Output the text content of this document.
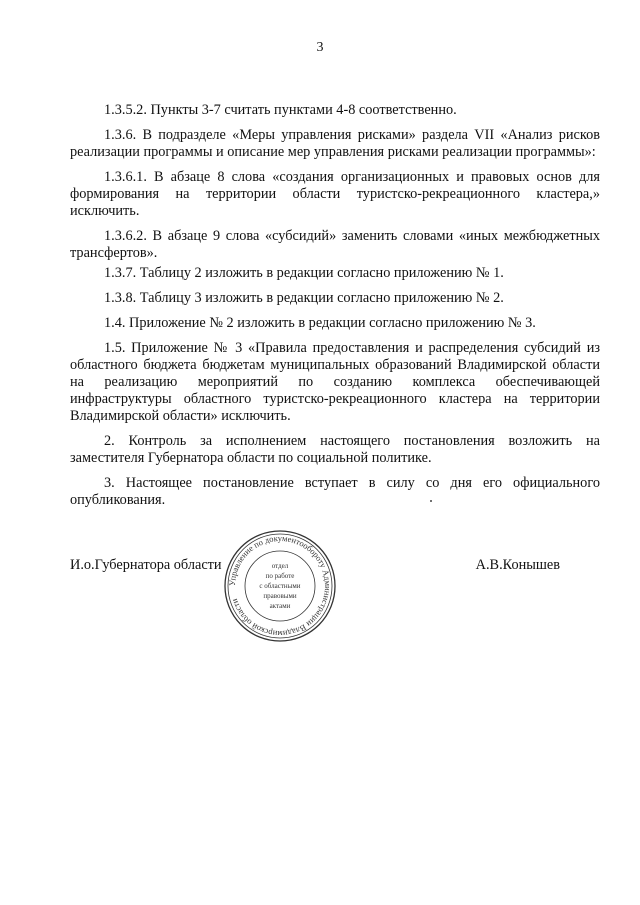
3

1.3.5.2. Пункты 3-7 считать пунктами 4-8 соответственно.

1.3.6. В подразделе «Меры управления рисками» раздела VII «Анализ рисков реализации программы и описание мер управления рисками реализации программы»:

1.3.6.1. В абзаце 8 слова «создания организационных и правовых основ для формирования на территории области туристско-рекреационного кластера,» исключить.

1.3.6.2. В абзаце 9 слова «субсидий» заменить словами «иных межбюджетных трансфертов».

1.3.7. Таблицу 2 изложить в редакции согласно приложению № 1.

1.3.8. Таблицу 3 изложить в редакции согласно приложению № 2.

1.4. Приложение № 2 изложить в редакции согласно приложению № 3.

1.5. Приложение № 3 «Правила предоставления и распределения субсидий из областного бюджета бюджетам муниципальных образований Владимирской области на реализацию мероприятий по созданию комплекса обеспечивающей инфраструктуры областного туристско-рекреационного кластера на территории Владимирской области» исключить.

2. Контроль за исполнением настоящего постановления возложить на заместителя Губернатора области по социальной политике.

3. Настоящее постановление вступает в силу со дня его официального опубликования.

И.о.Губернатора области	А.В.Конышев
Управление по документообороту Администрации Владимирской области
отдел
по работе
с областными
правовыми
актами
